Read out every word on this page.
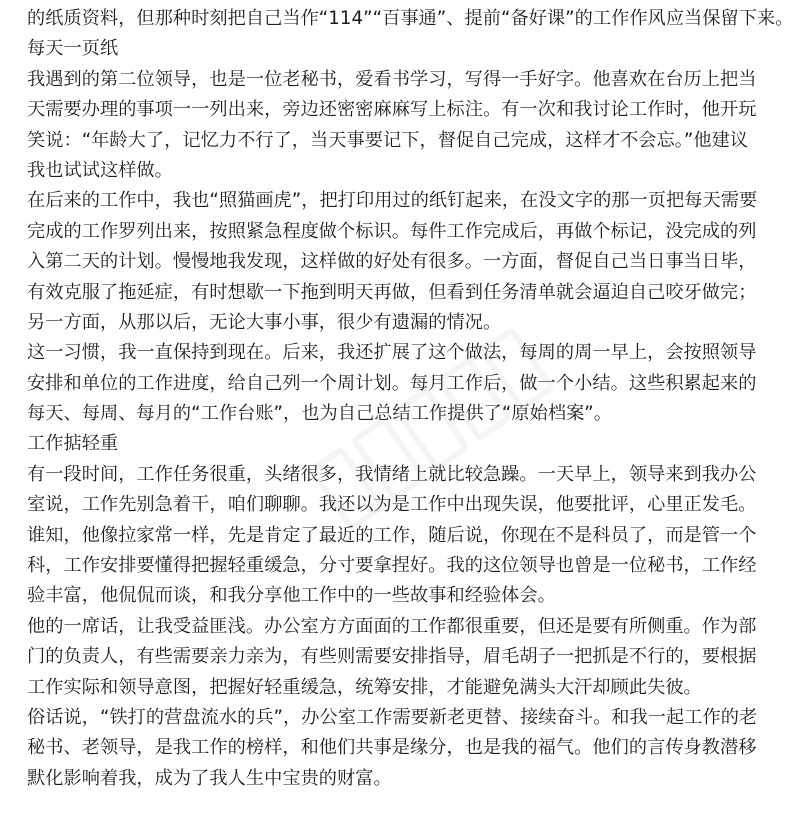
的纸质资料，但那种时刻把自己当作“114”“百事通”、提前“备好课”的工作作风应当保留下来。
每天一页纸
我遇到的第二位领导，也是一位老秘书，爱看书学习，写得一手好字。他喜欢在台历上把当
天需要办理的事项一一列出来，旁边还密密麻麻写上标注。有一次和我讨论工作时，他开玩
笑说：“年龄大了，记忆力不行了，当天事要记下，督促自己完成，这样才不会忘。”他建议
我也试试这样做。
在后来的工作中，我也“照猫画虎”，把打印用过的纸钉起来，在没文字的那一页把每天需要
完成的工作罗列出来，按照紧急程度做个标识。每件工作完成后，再做个标记，没完成的列
入第二天的计划。慢慢地我发现，这样做的好处有很多。一方面，督促自己当日事当日毕，
有效克服了拖延症，有时想歇一下拖到明天再做，但看到任务清单就会逼迫自己咬牙做完；
另一方面，从那以后，无论大事小事，很少有遗漏的情况。
这一习惯，我一直保持到现在。后来，我还扩展了这个做法，每周的周一早上，会按照领导
安排和单位的工作进度，给自己列一个周计划。每月工作后，做一个小结。这些积累起来的
每天、每周、每月的“工作台账”，也为自己总结工作提供了“原始档案”。
工作掂轻重
有一段时间，工作任务很重，头绪很多，我情绪上就比较急躁。一天早上，领导来到我办公
室说，工作先别急着干，咱们聊聊。我还以为是工作中出现失误，他要批评，心里正发毛。
谁知，他像拉家常一样，先是肯定了最近的工作，随后说，你现在不是科员了，而是管一个
科，工作安排要懂得把握轻重缓急，分寸要拿捏好。我的这位领导也曾是一位秘书，工作经
验丰富，他侃侃而谈，和我分享他工作中的一些故事和经验体会。
他的一席话，让我受益匪浅。办公室方方面面的工作都很重要，但还是要有所侧重。作为部
门的负责人，有些需要亲力亲为，有些则需要安排指导，眉毛胡子一把抓是不行的，要根据
工作实际和领导意图，把握好轻重缓急，统筹安排，才能避免满头大汗却顾此失彼。
俗话说，“铁打的营盘流水的兵”，办公室工作需要新老更替、接续奋斗。和我一起工作的老
秘书、老领导，是我工作的榜样，和他们共事是缘分，也是我的福气。他们的言传身教潜移
默化影响着我，成为了我人生中宝贵的财富。
